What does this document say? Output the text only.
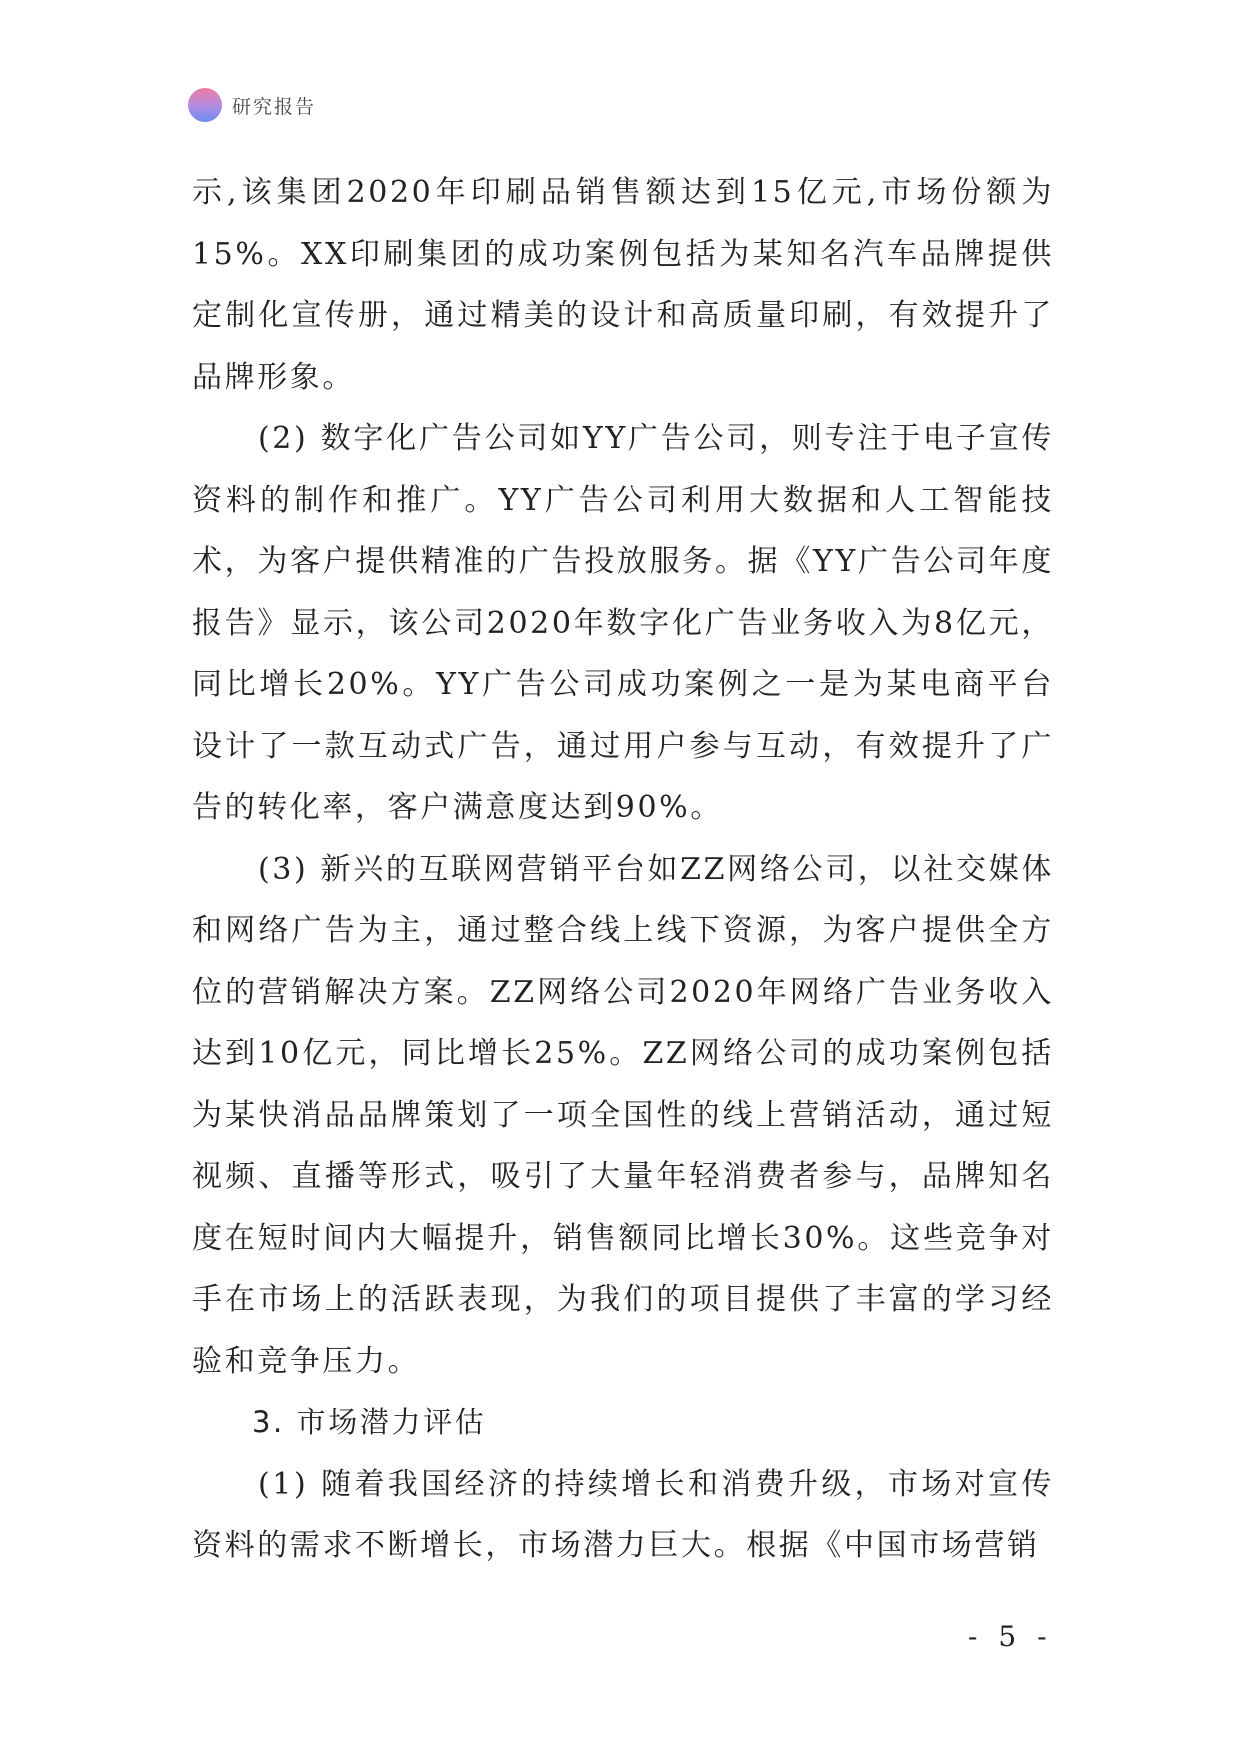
研究报告

示,该集团2020年印刷品销售额达到15亿元,市场份额为15%。XX印刷集团的成功案例包括为某知名汽车品牌提供定制化宣传册，通过精美的设计和高质量印刷，有效提升了品牌形象。

(2) 数字化广告公司如YY广告公司，则专注于电子宣传资料的制作和推广。YY广告公司利用大数据和人工智能技术，为客户提供精准的广告投放服务。据《YY广告公司年度报告》显示，该公司2020年数字化广告业务收入为8亿元，同比增长20%。YY广告公司成功案例之一是为某电商平台设计了一款互动式广告，通过用户参与互动，有效提升了广告的转化率，客户满意度达到90%。

(3) 新兴的互联网营销平台如ZZ网络公司，以社交媒体和网络广告为主，通过整合线上线下资源，为客户提供全方位的营销解决方案。ZZ网络公司2020年网络广告业务收入达到10亿元，同比增长25%。ZZ网络公司的成功案例包括为某快消品品牌策划了一项全国性的线上营销活动，通过短视频、直播等形式，吸引了大量年轻消费者参与，品牌知名度在短时间内大幅提升，销售额同比增长30%。这些竞争对手在市场上的活跃表现，为我们的项目提供了丰富的学习经验和竞争压力。

3. 市场潜力评估

(1) 随着我国经济的持续增长和消费升级，市场对宣传资料的需求不断增长，市场潜力巨大。根据《中国市场营销

- 5 -
